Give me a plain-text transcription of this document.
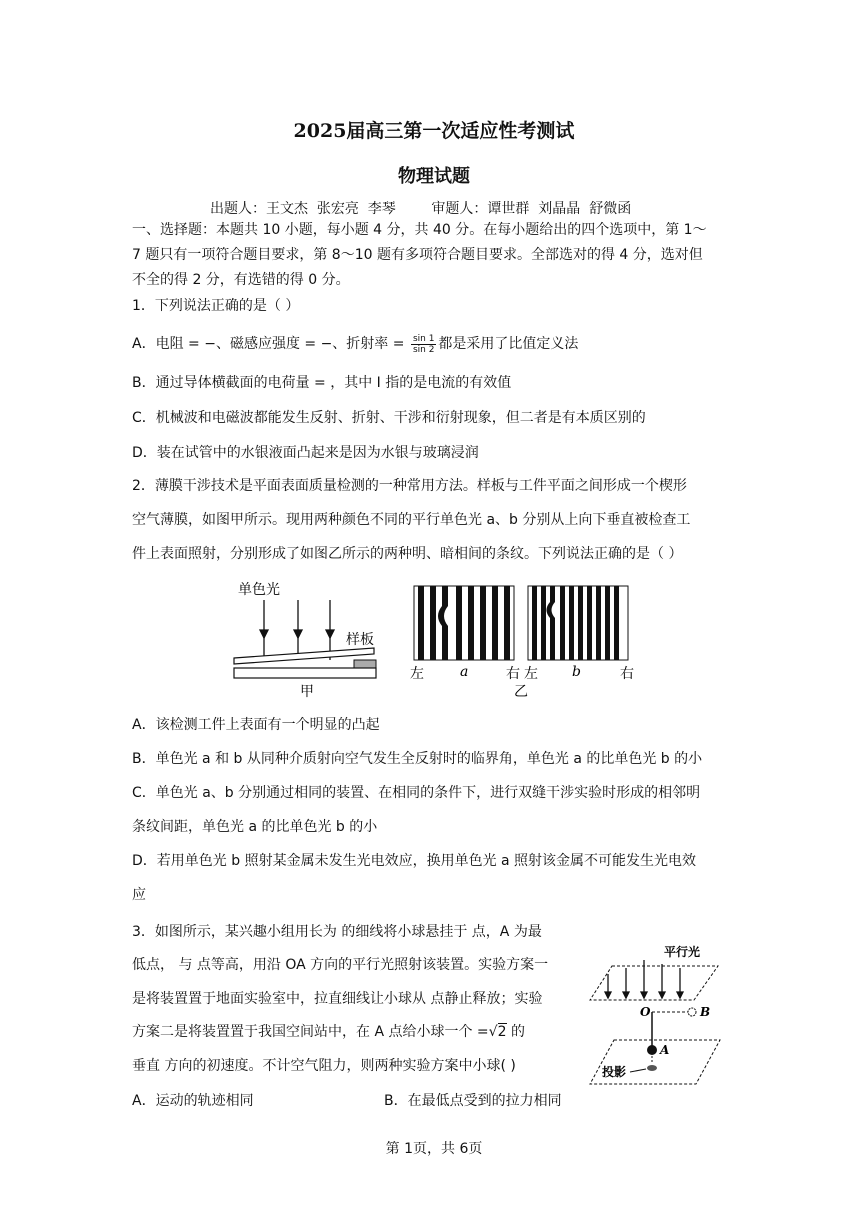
2025届高三第一次适应性考测试
物理试题
出题人：王文杰  张宏亮  李琴        审题人：谭世群  刘晶晶  舒微函
一、选择题：本题共 10 小题，每小题 4 分，共 40 分。在每小题给出的四个选项中，第 1～
7 题只有一项符合题目要求，第 8～10 题有多项符合题目要求。全部选对的得 4 分，选对但
不全的得 2 分，有选错的得 0 分。
1．下列说法正确的是（ ）
A．电阻 = −、磁感应强度 = −、折射率 = $\frac{\sin 1}{\sin 2}$ 都是采用了比值定义法
B．通过导体横截面的电荷量 = ，其中 I 指的是电流的有效值
C．机械波和电磁波都能发生反射、折射、干涉和衍射现象，但二者是有本质区别的
D．装在试管中的水银液面凸起来是因为水银与玻璃浸润
2．薄膜干涉技术是平面表面质量检测的一种常用方法。样板与工件平面之间形成一个楔形
空气薄膜，如图甲所示。现用两种颜色不同的平行单色光 a、b 分别从上向下垂直被检查工
件上表面照射，分别形成了如图乙所示的两种明、暗相间的条纹。下列说法正确的是（ ）
单色光
样板
甲
左	a	右 左 b	右
乙
A．该检测工件上表面有一个明显的凸起
B．单色光 a 和 b 从同种介质射向空气发生全反射时的临界角，单色光 a 的比单色光 b 的小
C．单色光 a、b 分别通过相同的装置、在相同的条件下，进行双缝干涉实验时形成的相邻明
条纹间距，单色光 a 的比单色光 b 的小
D．若用单色光 b 照射某金属未发生光电效应，换用单色光 a 照射该金属不可能发生光电效
应
3．如图所示，某兴趣小组用长为 的细线将小球悬挂于 点，A 为最
低点， 与 点等高，用沿 OA 方向的平行光照射该装置。实验方案一
是将装置置于地面实验室中，拉直细线让小球从 点静止释放；实验
方案二是将装置置于我国空间站中，在 A 点给小球一个 =√2 的
垂直 方向的初速度。不计空气阻力，则两种实验方案中小球( )
平行光
O	B
A
投影
A．运动的轨迹相同	B．在最低点受到的拉力相同
第 1页，共 6页
